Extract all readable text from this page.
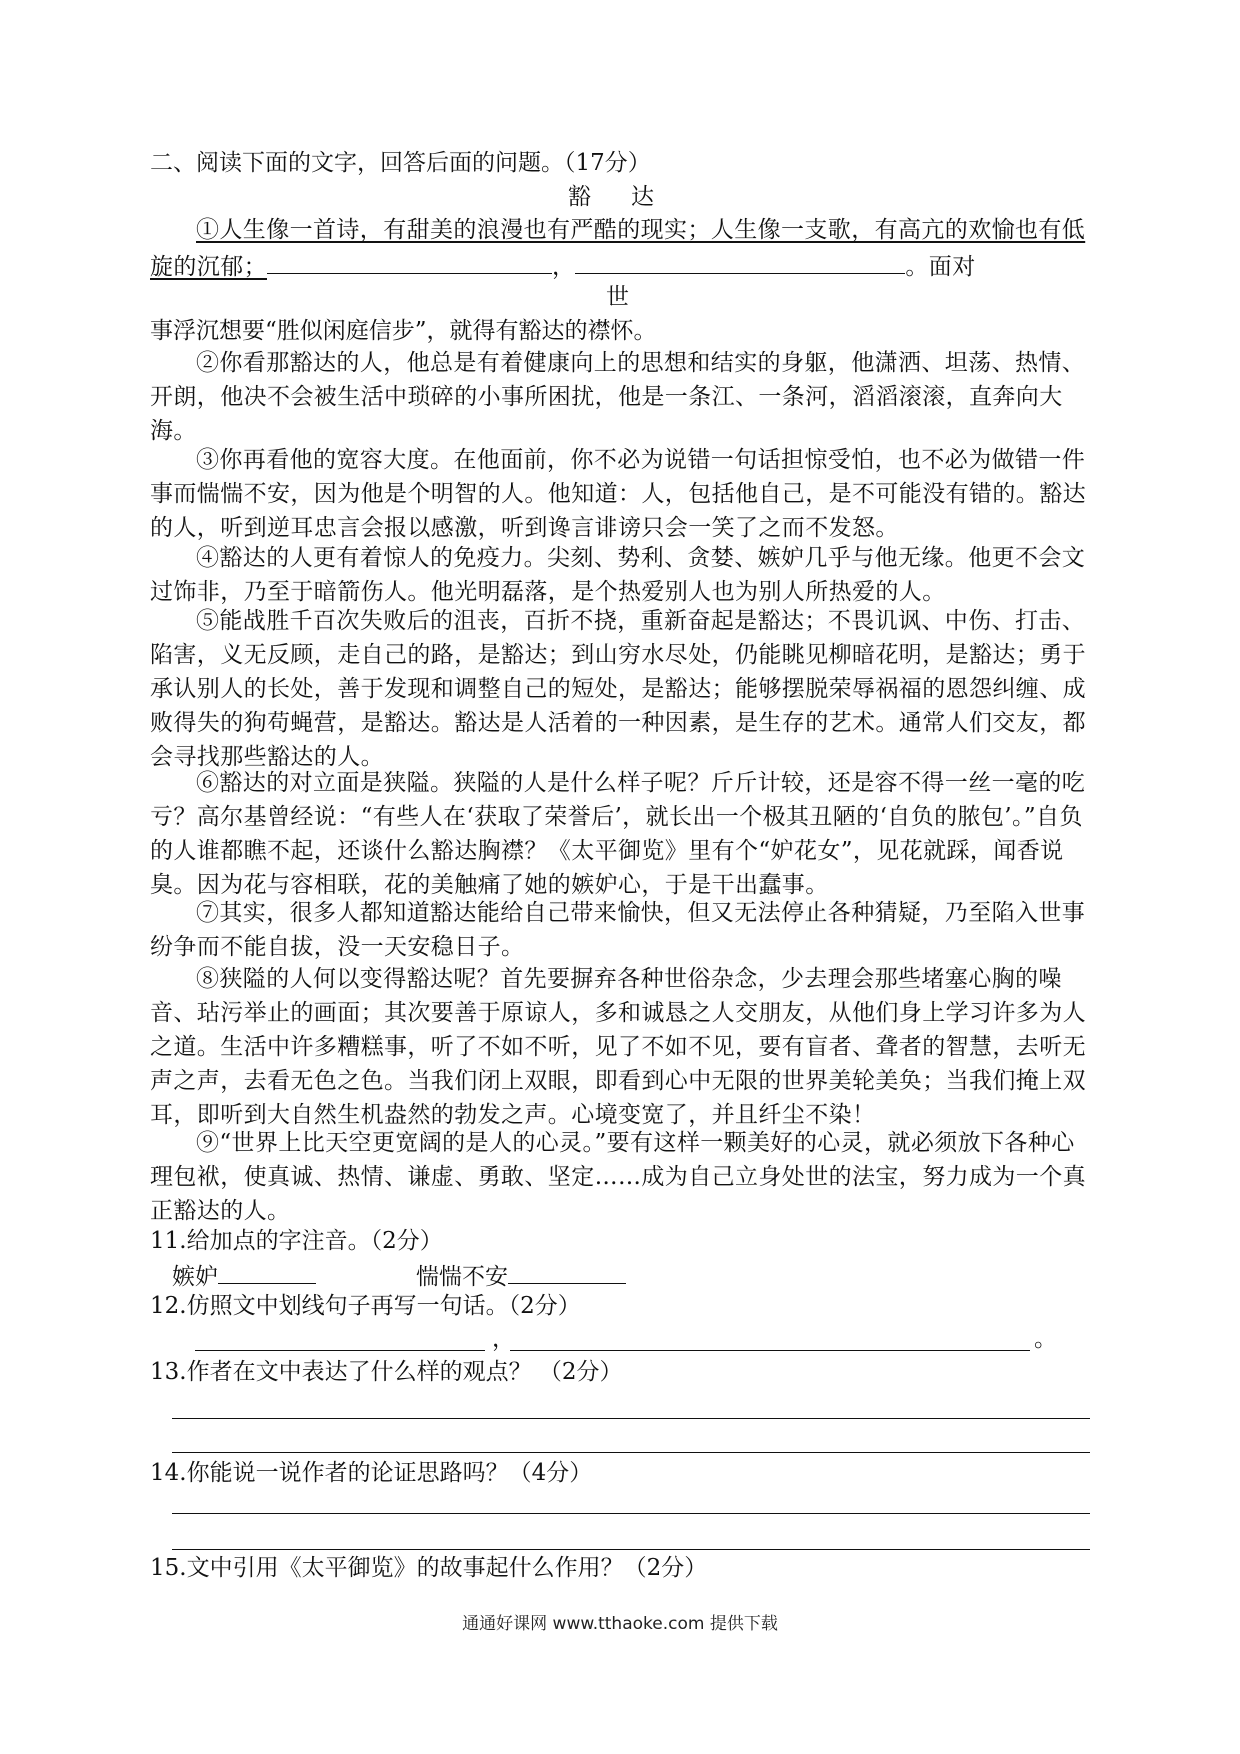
二、阅读下面的文字，回答后面的问题。（17分）
豁达
①人生像一首诗，有甜美的浪漫也有严酷的现实；人生像一支歌，有高亢的欢愉也有低旋的沉郁；	，	。面对
世
事浮沉想要“胜似闲庭信步”，就得有豁达的襟怀。
②你看那豁达的人，他总是有着健康向上的思想和结实的身躯，他潇洒、坦荡、热情、开朗，他决不会被生活中琐碎的小事所困扰，他是一条江、一条河，滔滔滚滚，直奔向大海。
③你再看他的宽容大度。在他面前，你不必为说错一句话担惊受怕，也不必为做错一件事而惴惴不安，因为他是个明智的人。他知道：人，包括他自己，是不可能没有错的。豁达的人，听到逆耳忠言会报以感激，听到谗言诽谤只会一笑了之而不发怒。
④豁达的人更有着惊人的免疫力。尖刻、势利、贪婪、嫉妒几乎与他无缘。他更不会文过饰非，乃至于暗箭伤人。他光明磊落，是个热爱别人也为别人所热爱的人。
⑤能战胜千百次失败后的沮丧，百折不挠，重新奋起是豁达；不畏讥讽、中伤、打击、陷害，义无反顾，走自己的路，是豁达；到山穷水尽处，仍能眺见柳暗花明，是豁达；勇于承认别人的长处，善于发现和调整自己的短处，是豁达；能够摆脱荣辱祸福的恩怨纠缠、成败得失的狗苟蝇营，是豁达。豁达是人活着的一种因素，是生存的艺术。通常人们交友，都会寻找那些豁达的人。
⑥豁达的对立面是狭隘。狭隘的人是什么样子呢？斤斤计较，还是容不得一丝一毫的吃亏？高尔基曾经说：“有些人在‘获取了荣誉后’，就长出一个极其丑陋的‘自负的脓包’。”自负的人谁都瞧不起，还谈什么豁达胸襟？《太平御览》里有个“妒花女”，见花就踩，闻香说臭。因为花与容相联，花的美触痛了她的嫉妒心，于是干出蠢事。
⑦其实，很多人都知道豁达能给自己带来愉快，但又无法停止各种猜疑，乃至陷入世事纷争而不能自拔，没一天安稳日子。
⑧狭隘的人何以变得豁达呢？首先要摒弃各种世俗杂念，少去理会那些堵塞心胸的噪音、玷污举止的画面；其次要善于原谅人，多和诚恳之人交朋友，从他们身上学习许多为人之道。生活中许多糟糕事，听了不如不听，见了不如不见，要有盲者、聋者的智慧，去听无声之声，去看无色之色。当我们闭上双眼，即看到心中无限的世界美轮美奂；当我们掩上双耳，即听到大自然生机盎然的勃发之声。心境变宽了，并且纤尘不染！
⑨“世界上比天空更宽阔的是人的心灵。”要有这样一颗美好的心灵，就必须放下各种心理包袱，使真诚、热情、谦虚、勇敢、坚定……成为自己立身处世的法宝，努力成为一个真正豁达的人。
11.给加点的字注音。（2分）
嫉妒	惴惴不安
12.仿照文中划线句子再写一句话。（2分）
，	。
13.作者在文中表达了什么样的观点？ （2分）
14.你能说一说作者的论证思路吗？（4分）
15.文中引用《太平御览》的故事起什么作用？（2分）
通通好课网 www.tthaoke.com 提供下载
